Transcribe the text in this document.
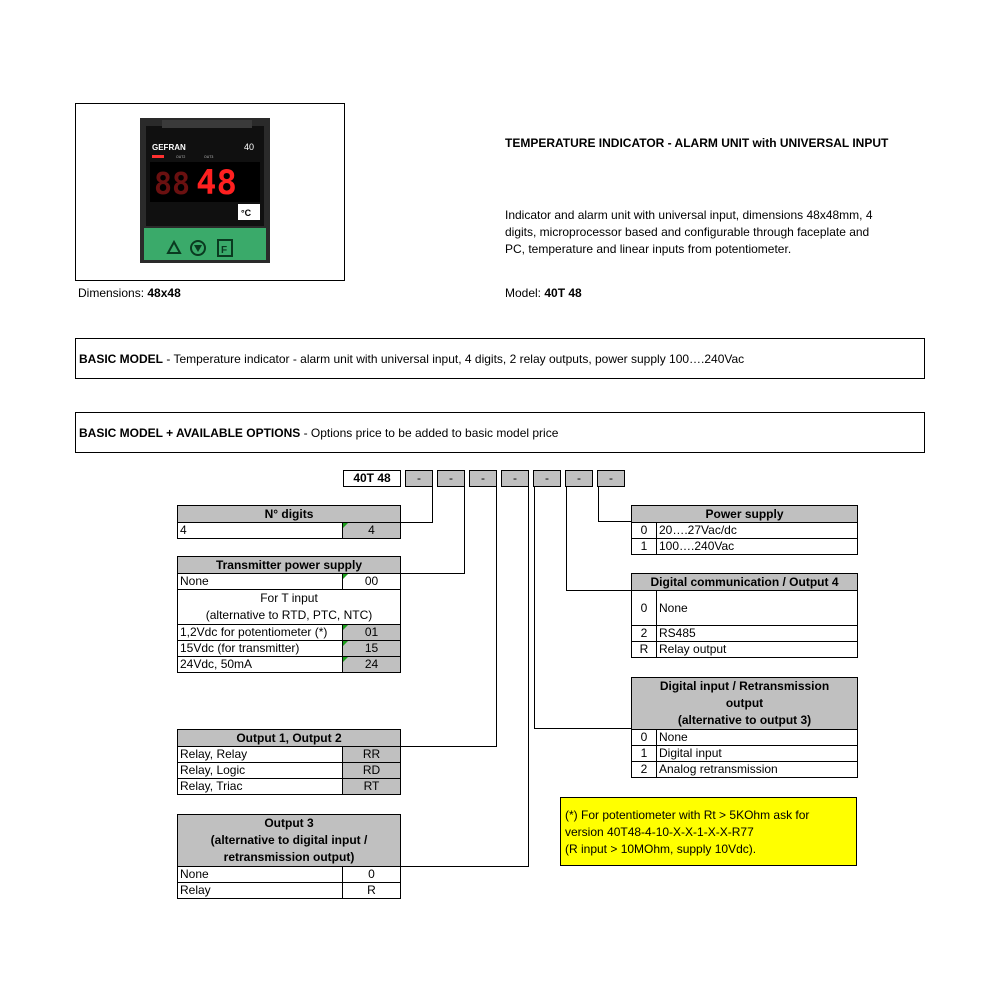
GEFRAN	40
OUT2	OUT3
88 48
°C
F
Dimensions: 48x48
TEMPERATURE INDICATOR - ALARM UNIT with UNIVERSAL INPUT
Indicator and alarm unit with universal input, dimensions 48x48mm, 4
digits, microprocessor based and configurable through faceplate and
PC, temperature and linear inputs from potentiometer.
Model: 40T 48
BASIC MODEL - Temperature indicator - alarm unit with universal input, 4 digits, 2 relay outputs, power supply 100….240Vac
BASIC MODEL + AVAILABLE OPTIONS - Options price to be added to basic model price
40T 48	-	-	-	-	-	-	-
N° digits
4	4
Transmitter power supply	
None	00
For T input
(alternative to RTD, PTC, NTC)	
1,2Vdc for potentiometer (*)	01
15Vdc (for transmitter)	15
24Vdc, 50mA	24
Output 1, Output 2	
Relay, Relay	RR
Relay, Logic	RD
Relay, Triac	RT
Output 3
(alternative to digital input /
retransmission output)	

None	0
Relay	R
Power supply	
0	20….27Vac/dc
1	100….240Vac
Digital communication / Output 4	
0	None
2	RS485
R	Relay output
Digital input / Retransmission
output
(alternative to output 3)	

0	None
1	Digital input
2	Analog retransmission
(*) For potentiometer with Rt > 5KOhm ask for
version 40T48-4-10-X-X-1-X-X-R77
(R input > 10MOhm, supply 10Vdc).
